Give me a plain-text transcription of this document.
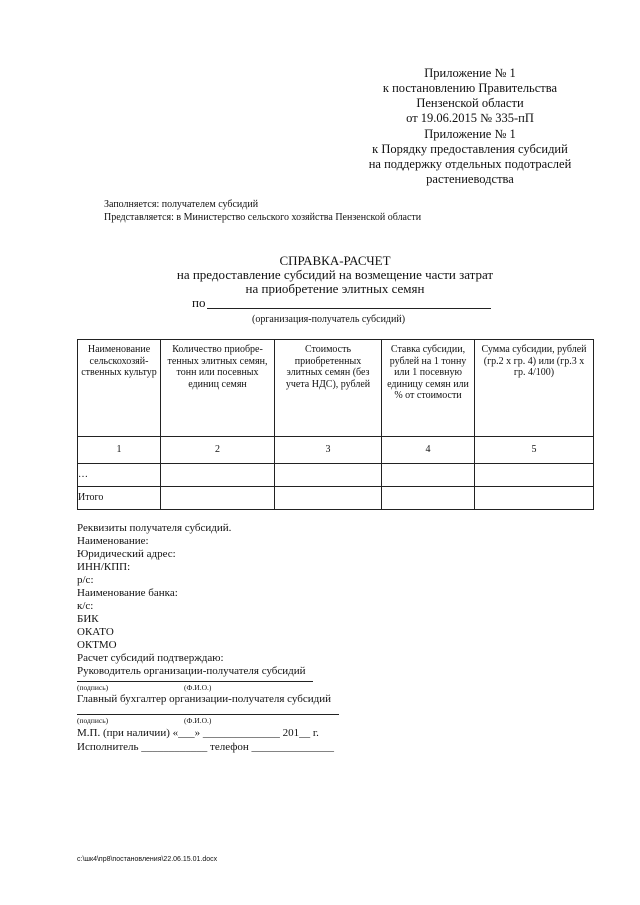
Приложение № 1
к постановлению Правительства
Пензенской области
от 19.06.2015 № 335-пП
Приложение № 1
к Порядку предоставления субсидий
на поддержку отдельных подотраслей
растениеводства
Заполняется: получателем субсидий
Представляется: в Министерство сельского хозяйства Пензенской области
СПРАВКА-РАСЧЕТ
на предоставление субсидий на возмещение части затрат
на приобретение элитных семян
по
(организация-получатель субсидий)
Наименование сельскохозяй-ственных культур	Количество приобре-тенных элитных семян, тонн или посевных единиц семян	Стоимость приобретенных элитных семян (без учета НДС), рублей	Ставка субсидии, рублей на 1 тонну или 1 посевную единицу семян или % от стоимости	Сумма субсидии, рублей (гр.2 x гр. 4) или (гр.3 x гр. 4/100)
1	2	3	4	5
…				
Итого				
Реквизиты получателя субсидий.
Наименование:
Юридический адрес:
ИНН/КПП:
р/с:
Наименование банка:
к/с:
БИК
ОКАТО
ОКТМО
Расчет субсидий подтверждаю:
Руководитель организации-получателя субсидий
(подпись)	(Ф.И.О.)
Главный бухгалтер организации-получателя субсидий
(подпись)	(Ф.И.О.)
М.П. (при наличии) «___» ______________ 201__ г.
Исполнитель ____________ телефон _______________
c:\шк4\пр8\постановления\22.06.15.01.docx
